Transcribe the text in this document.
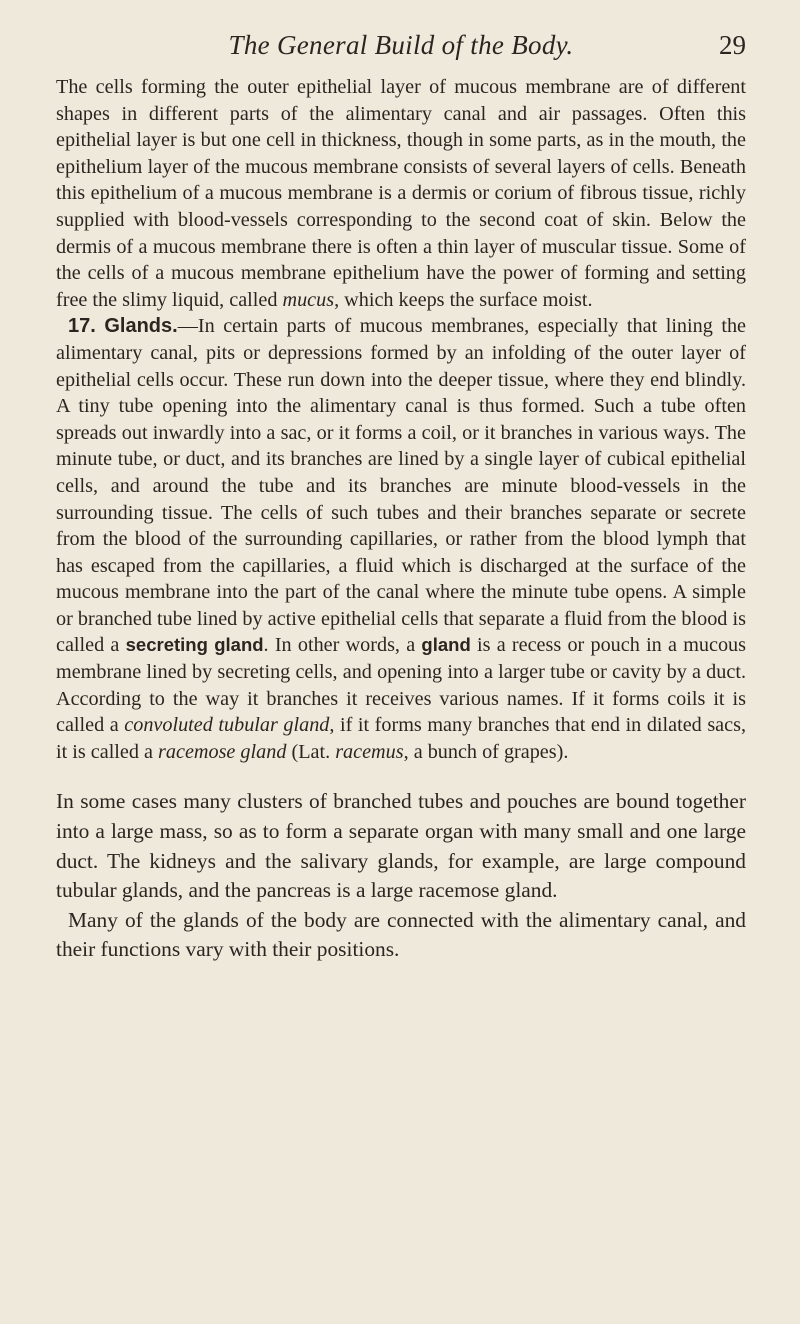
The General Build of the Body.	29

The cells forming the outer epithelial layer of mucous membrane are of different shapes in different parts of the alimentary canal and air passages. Often this epithelial layer is but one cell in thickness, though in some parts, as in the mouth, the epithelium layer of the mucous membrane consists of several layers of cells. Beneath this epithelium of a mucous membrane is a dermis or corium of fibrous tissue, richly supplied with blood-vessels corresponding to the second coat of skin. Below the dermis of a mucous membrane there is often a thin layer of muscular tissue. Some of the cells of a mucous membrane epithelium have the power of forming and setting free the slimy liquid, called mucus, which keeps the surface moist.

17. Glands.—In certain parts of mucous membranes, especially that lining the alimentary canal, pits or depressions formed by an infolding of the outer layer of epithelial cells occur. These run down into the deeper tissue, where they end blindly. A tiny tube opening into the alimentary canal is thus formed. Such a tube often spreads out inwardly into a sac, or it forms a coil, or it branches in various ways. The minute tube, or duct, and its branches are lined by a single layer of cubical epithelial cells, and around the tube and its branches are minute blood-vessels in the surrounding tissue. The cells of such tubes and their branches separate or secrete from the blood of the surrounding capillaries, or rather from the blood lymph that has escaped from the capillaries, a fluid which is discharged at the surface of the mucous membrane into the part of the canal where the minute tube opens. A simple or branched tube lined by active epithelial cells that separate a fluid from the blood is called a secreting gland. In other words, a gland is a recess or pouch in a mucous membrane lined by secreting cells, and opening into a larger tube or cavity by a duct. According to the way it branches it receives various names. If it forms coils it is called a convoluted tubular gland, if it forms many branches that end in dilated sacs, it is called a racemose gland (Lat. racemus, a bunch of grapes).

In some cases many clusters of branched tubes and pouches are bound together into a large mass, so as to form a separate organ with many small and one large duct. The kidneys and the salivary glands, for example, are large compound tubular glands, and the pancreas is a large racemose gland.

Many of the glands of the body are connected with the alimentary canal, and their functions vary with their positions.
